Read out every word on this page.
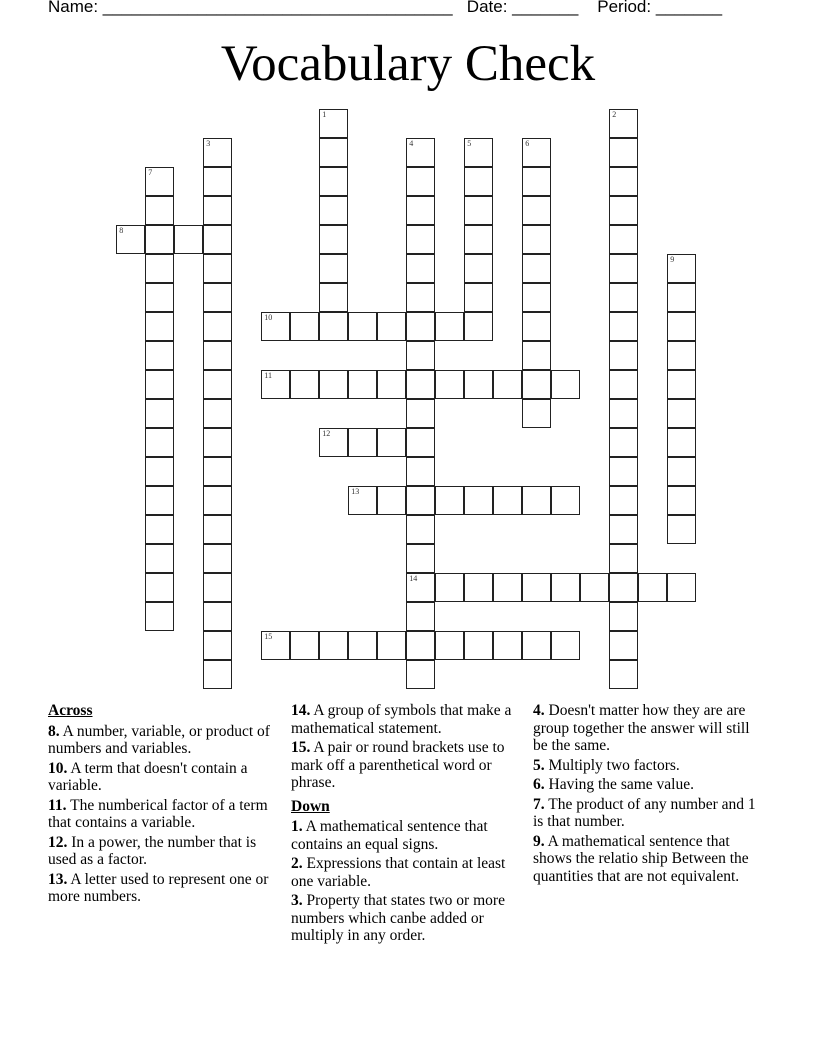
Name: _____________________________________ Date: _______ Period: _______
Vocabulary Check
1	2
3	4
14
5	6
7
8
9
10
11
12
13
15
Across
8. A number, variable, or product of numbers and variables.
10. A term that doesn't contain a variable.
11. The numberical factor of a term that contains a variable.
12. In a power, the number that is used as a factor.
13. A letter used to represent one or more numbers.
14. A group of symbols that make a mathematical statement.
15. A pair or round brackets use to mark off a parenthetical word or phrase.
Down
1. A mathematical sentence that contains an equal signs.
2. Expressions that contain at least one variable.
3. Property that states two or more numbers which canbe added or multiply in any order.
4. Doesn't matter how they are are group together the answer will still be the same.
5. Multiply two factors.
6. Having the same value.
7. The product of any number and 1 is that number.
9. A mathematical sentence that shows the relatio ship Between the quantities that are not equivalent.
